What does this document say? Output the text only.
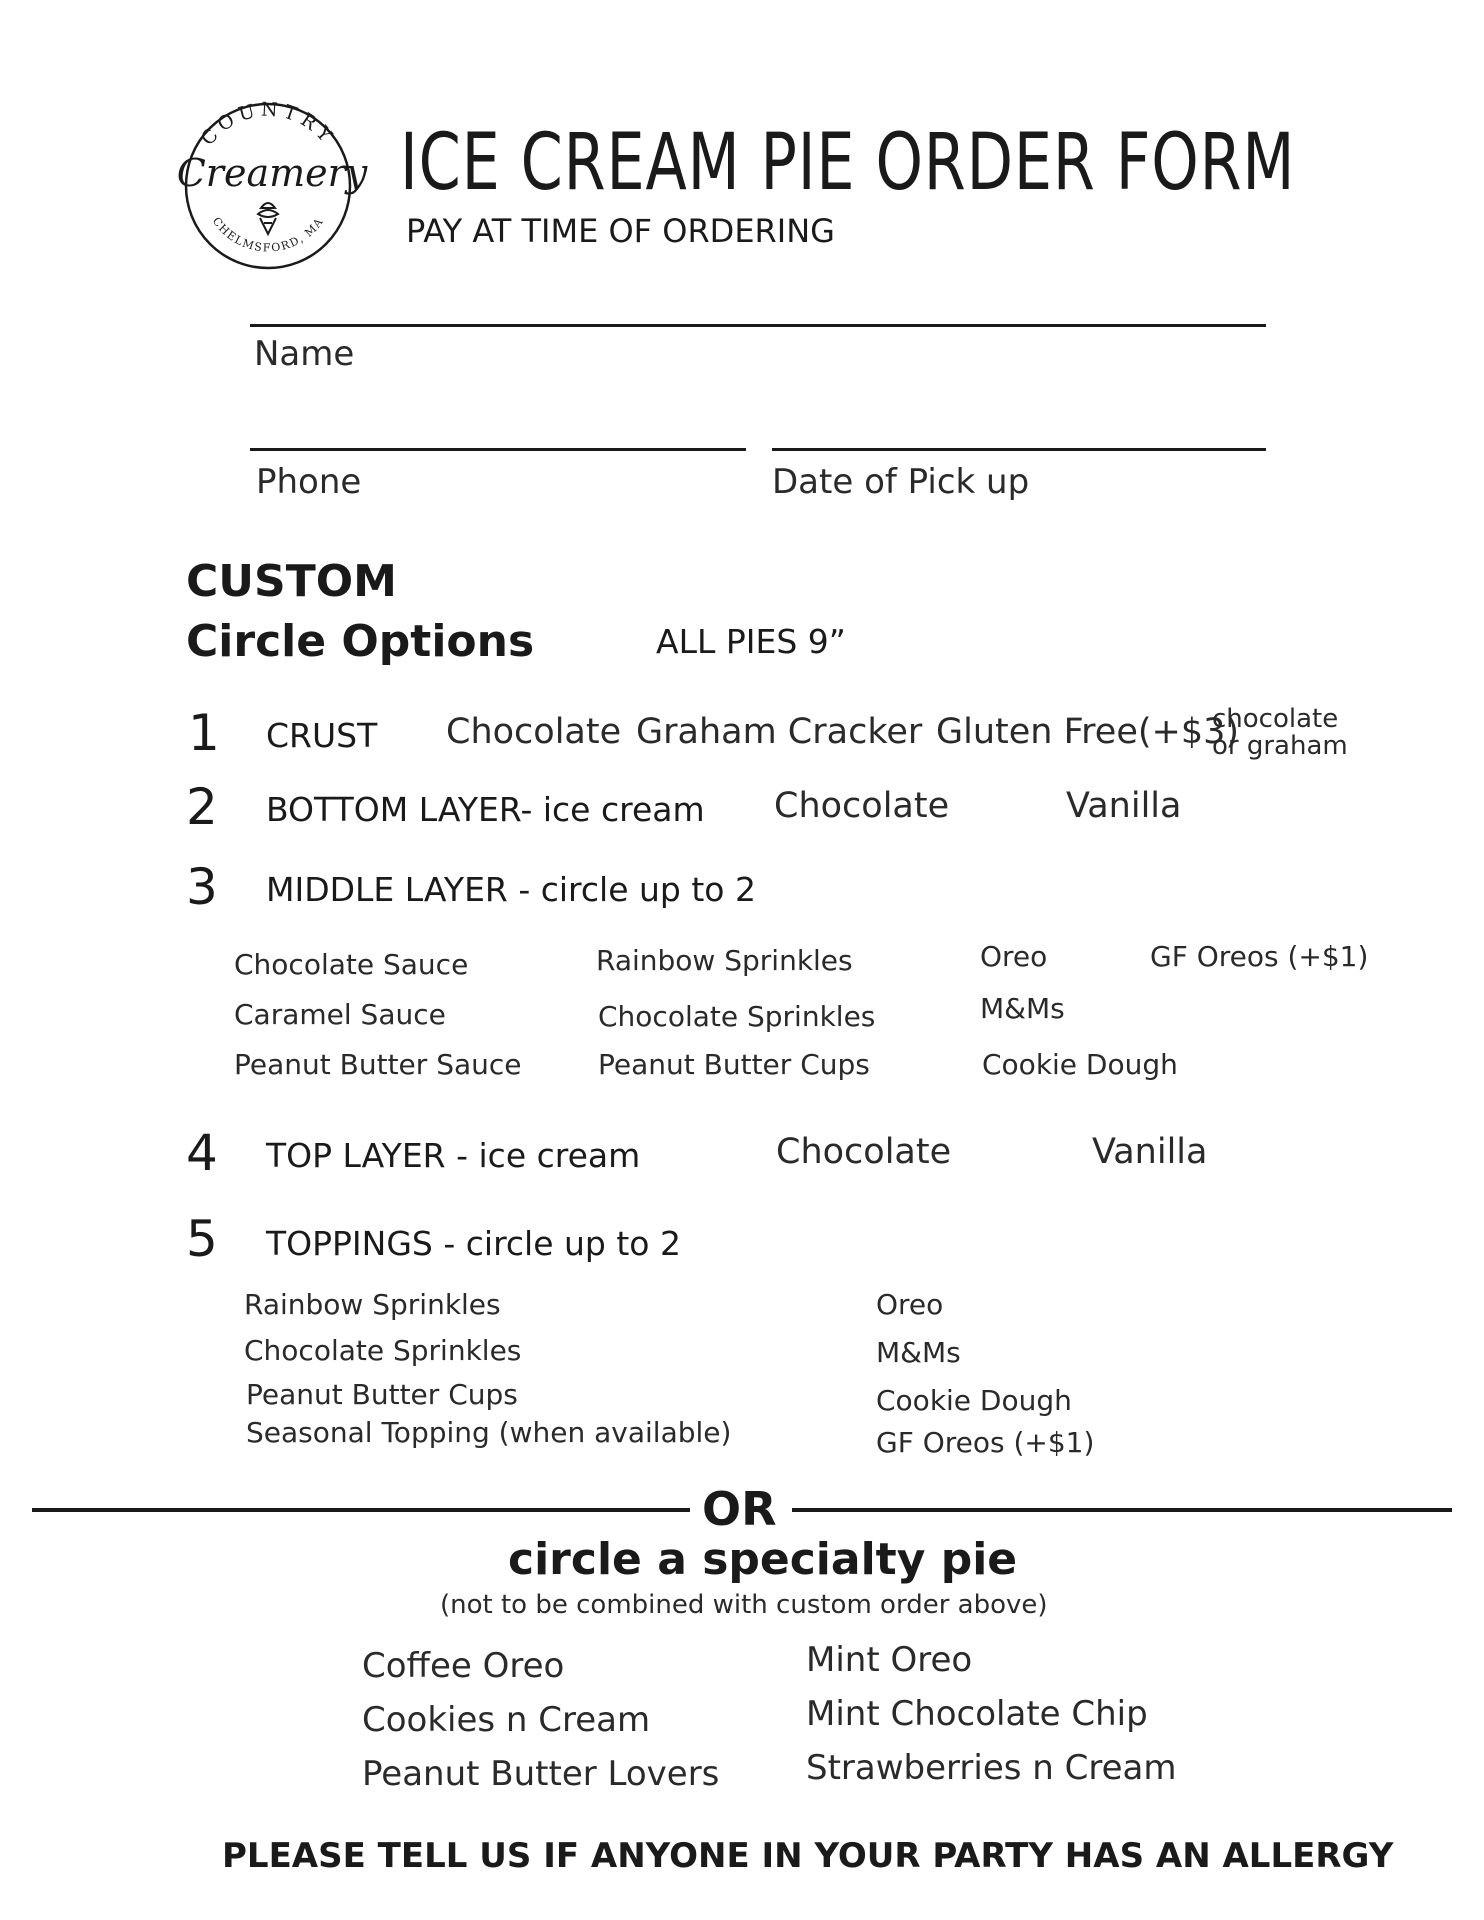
COUNTRY
Creamery
CHELMSFORD, MA
ICE CREAM PIE ORDER FORM
PAY AT TIME OF ORDERING
Name
Phone	Date of Pick up
CUSTOM
Circle Options	ALL PIES 9”
1 CRUST Chocolate Graham Cracker Gluten Free(+$3)
chocolate
or graham
2 BOTTOM LAYER- ice cream Chocolate	Vanilla
3 MIDDLE LAYER - circle up to 2
Chocolate Sauce
Caramel Sauce
Peanut Butter Sauce
Rainbow Sprinkles
Chocolate Sprinkles
Peanut Butter Cups
Oreo
M&Ms
Cookie Dough
GF Oreos (+$1)
4 TOP LAYER - ice cream	Chocolate	Vanilla
5 TOPPINGS - circle up to 2
Rainbow Sprinkles
Chocolate Sprinkles
Peanut Butter Cups
Seasonal Topping (when available)
Oreo
M&Ms
Cookie Dough
GF Oreos (+$1)
OR
circle a specialty pie
(not to be combined with custom order above)
Coffee Oreo
Cookies n Cream
Peanut Butter Lovers
Mint Oreo
Mint Chocolate Chip
Strawberries n Cream
PLEASE TELL US IF ANYONE IN YOUR PARTY HAS AN ALLERGY
